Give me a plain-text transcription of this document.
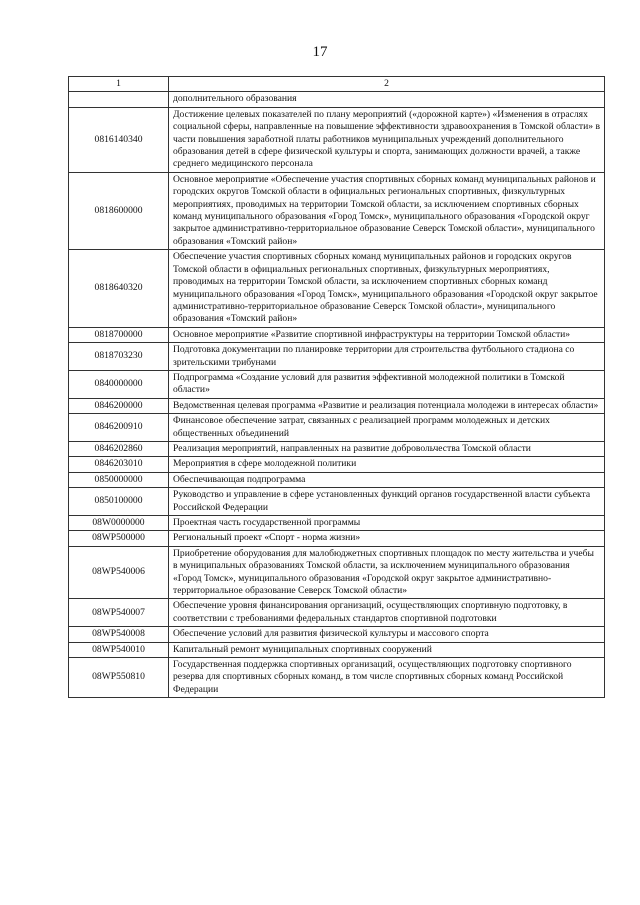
17
1	2
	дополнительного образования
0816140340	Достижение целевых показателей по плану мероприятий («дорожной карте») «Изменения в отраслях социальной сферы, направленные на повышение эффективности здравоохранения в Томской области» в части повышения заработной платы работников муниципальных учреждений дополнительного образования детей в сфере физической культуры и спорта, занимающих должности врачей, а также среднего медицинского персонала
0818600000	Основное мероприятие «Обеспечение участия спортивных сборных команд муниципальных районов и городских округов Томской области в официальных региональных спортивных, физкультурных мероприятиях, проводимых на территории Томской области, за исключением спортивных сборных команд муниципального образования «Город Томск», муниципального образования «Городской округ закрытое административно-территориальное образование Северск Томской области», муниципального образования «Томский район»
0818640320	Обеспечение участия спортивных сборных команд муниципальных районов и городских округов Томской области в официальных региональных спортивных, физкультурных мероприятиях, проводимых на территории Томской области, за исключением спортивных сборных команд муниципального образования «Город Томск», муниципального образования «Городской округ закрытое административно-территориальное образование Северск Томской области», муниципального образования «Томский район»
0818700000	Основное мероприятие «Развитие спортивной инфраструктуры на территории Томской области»
0818703230	Подготовка документации по планировке территории для строительства футбольного стадиона со зрительскими трибунами
0840000000	Подпрограмма «Создание условий для развития эффективной молодежной политики в Томской области»
0846200000	Ведомственная целевая программа «Развитие и реализация потенциала молодежи в интересах области»
0846200910	Финансовое обеспечение затрат, связанных с реализацией программ молодежных и детских общественных объединений
0846202860	Реализация мероприятий, направленных на развитие добровольчества Томской области
0846203010	Мероприятия в сфере молодежной политики
0850000000	Обеспечивающая подпрограмма
0850100000	Руководство и управление в сфере установленных функций органов государственной власти субъекта Российской Федерации
08W0000000	Проектная часть государственной программы
08WP500000	Региональный проект «Спорт - норма жизни»
08WP540006	Приобретение оборудования для малобюджетных спортивных площадок по месту жительства и учебы в муниципальных образованиях Томской области, за исключением муниципального образования «Город Томск», муниципального образования «Городской округ закрытое административно-территориальное образование Северск Томской области»
08WP540007	Обеспечение уровня финансирования организаций, осуществляющих спортивную подготовку, в соответствии с требованиями федеральных стандартов спортивной подготовки
08WP540008	Обеспечение условий для развития физической культуры и массового спорта
08WP540010	Капитальный ремонт муниципальных спортивных сооружений
08WP550810	Государственная поддержка спортивных организаций, осуществляющих подготовку спортивного резерва для спортивных сборных команд, в том числе спортивных сборных команд Российской Федерации
